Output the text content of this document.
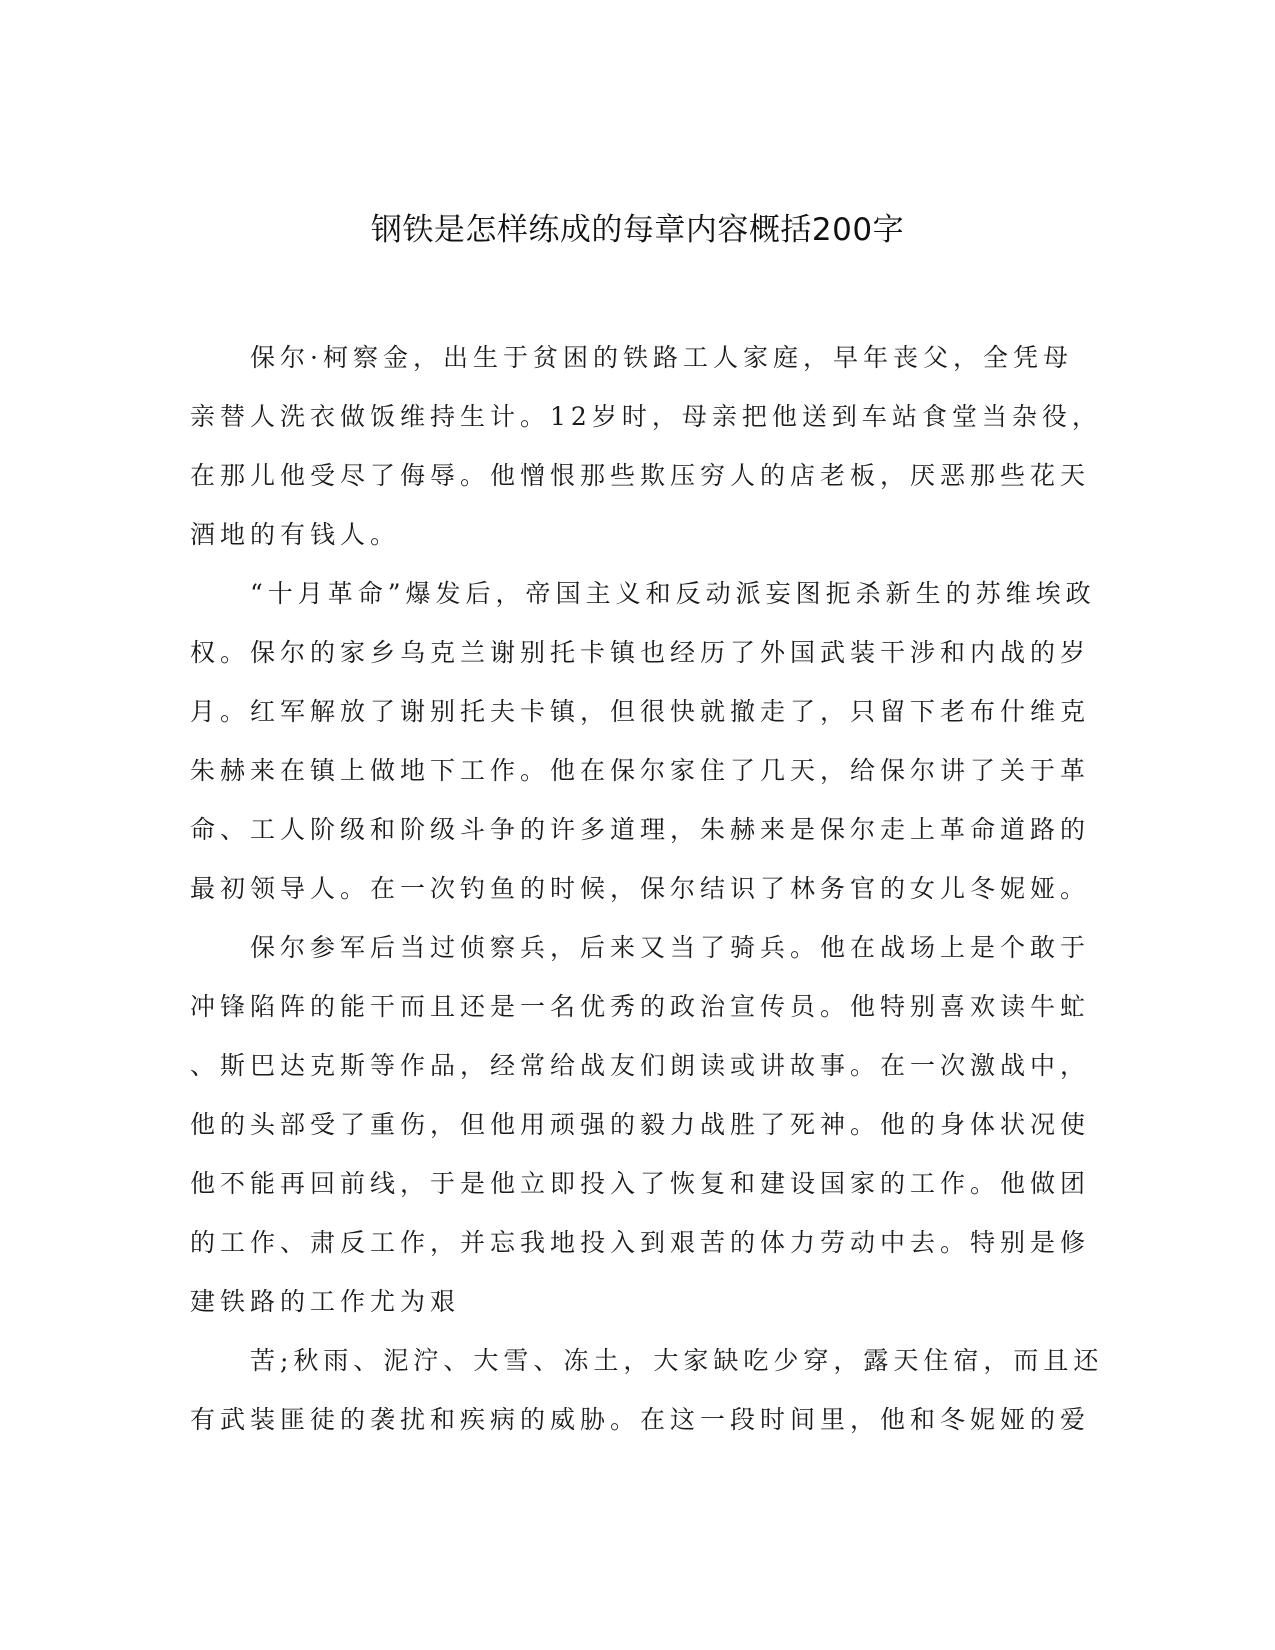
钢铁是怎样练成的每章内容概括200字
　　保尔·柯察金，出生于贫困的铁路工人家庭，早年丧父，全凭母
亲替人洗衣做饭维持生计。12岁时，母亲把他送到车站食堂当杂役，
在那儿他受尽了侮辱。他憎恨那些欺压穷人的店老板，厌恶那些花天
酒地的有钱人。
　　“十月革命”爆发后，帝国主义和反动派妄图扼杀新生的苏维埃政
权。保尔的家乡乌克兰谢别托卡镇也经历了外国武装干涉和内战的岁
月。红军解放了谢别托夫卡镇，但很快就撤走了，只留下老布什维克
朱赫来在镇上做地下工作。他在保尔家住了几天，给保尔讲了关于革
命、工人阶级和阶级斗争的许多道理，朱赫来是保尔走上革命道路的
最初领导人。在一次钓鱼的时候，保尔结识了林务官的女儿冬妮娅。
　　保尔参军后当过侦察兵，后来又当了骑兵。他在战场上是个敢于
冲锋陷阵的能干而且还是一名优秀的政治宣传员。他特别喜欢读牛虻
、斯巴达克斯等作品，经常给战友们朗读或讲故事。在一次激战中，
他的头部受了重伤，但他用顽强的毅力战胜了死神。他的身体状况使
他不能再回前线，于是他立即投入了恢复和建设国家的工作。他做团
的工作、肃反工作，并忘我地投入到艰苦的体力劳动中去。特别是修
建铁路的工作尤为艰
　　苦;秋雨、泥泞、大雪、冻土，大家缺吃少穿，露天住宿，而且还
有武装匪徒的袭扰和疾病的威胁。在这一段时间里，他和冬妮娅的爱
